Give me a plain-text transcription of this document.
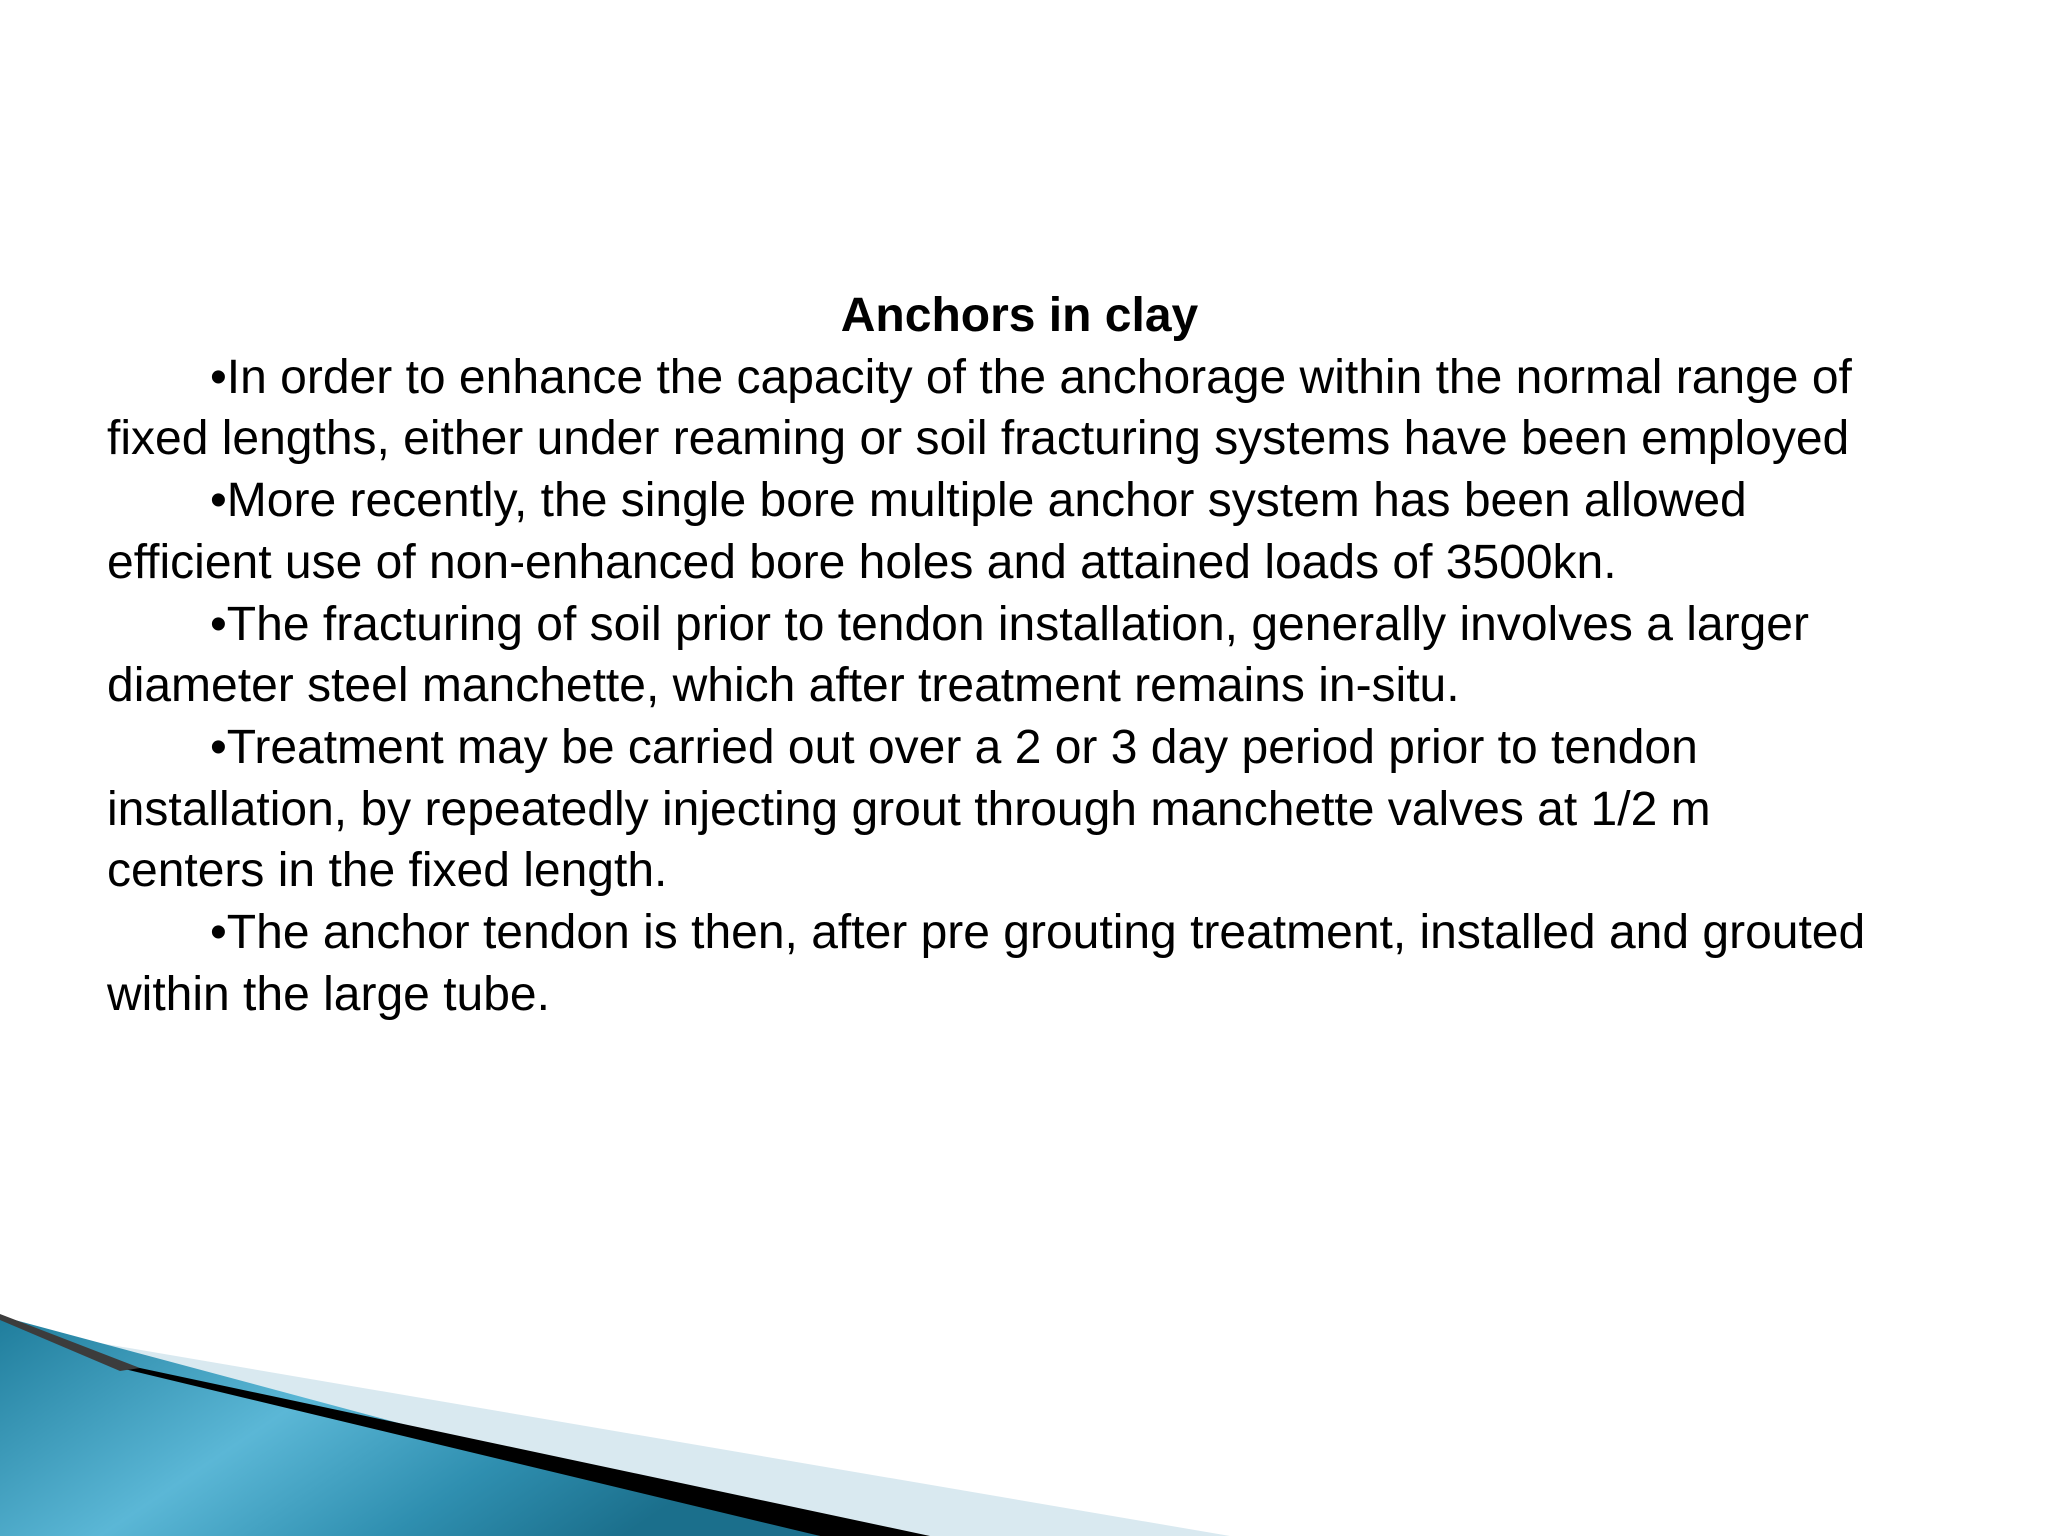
Anchors in clay

•In order to enhance the capacity of the anchorage within the normal range of fixed lengths, either under reaming or soil fracturing systems have been employed

•More recently, the single bore multiple anchor system has been allowed efficient use of non-enhanced bore holes and attained loads of 3500kn.

•The fracturing of soil prior to tendon installation, generally involves a larger diameter steel manchette, which after treatment remains in-situ.

•Treatment may be carried out over a 2 or 3 day period prior to tendon installation, by repeatedly injecting grout through manchette valves at 1/2 m centers in the fixed length.

•The anchor tendon is then, after pre grouting treatment, installed and grouted within the large tube.
